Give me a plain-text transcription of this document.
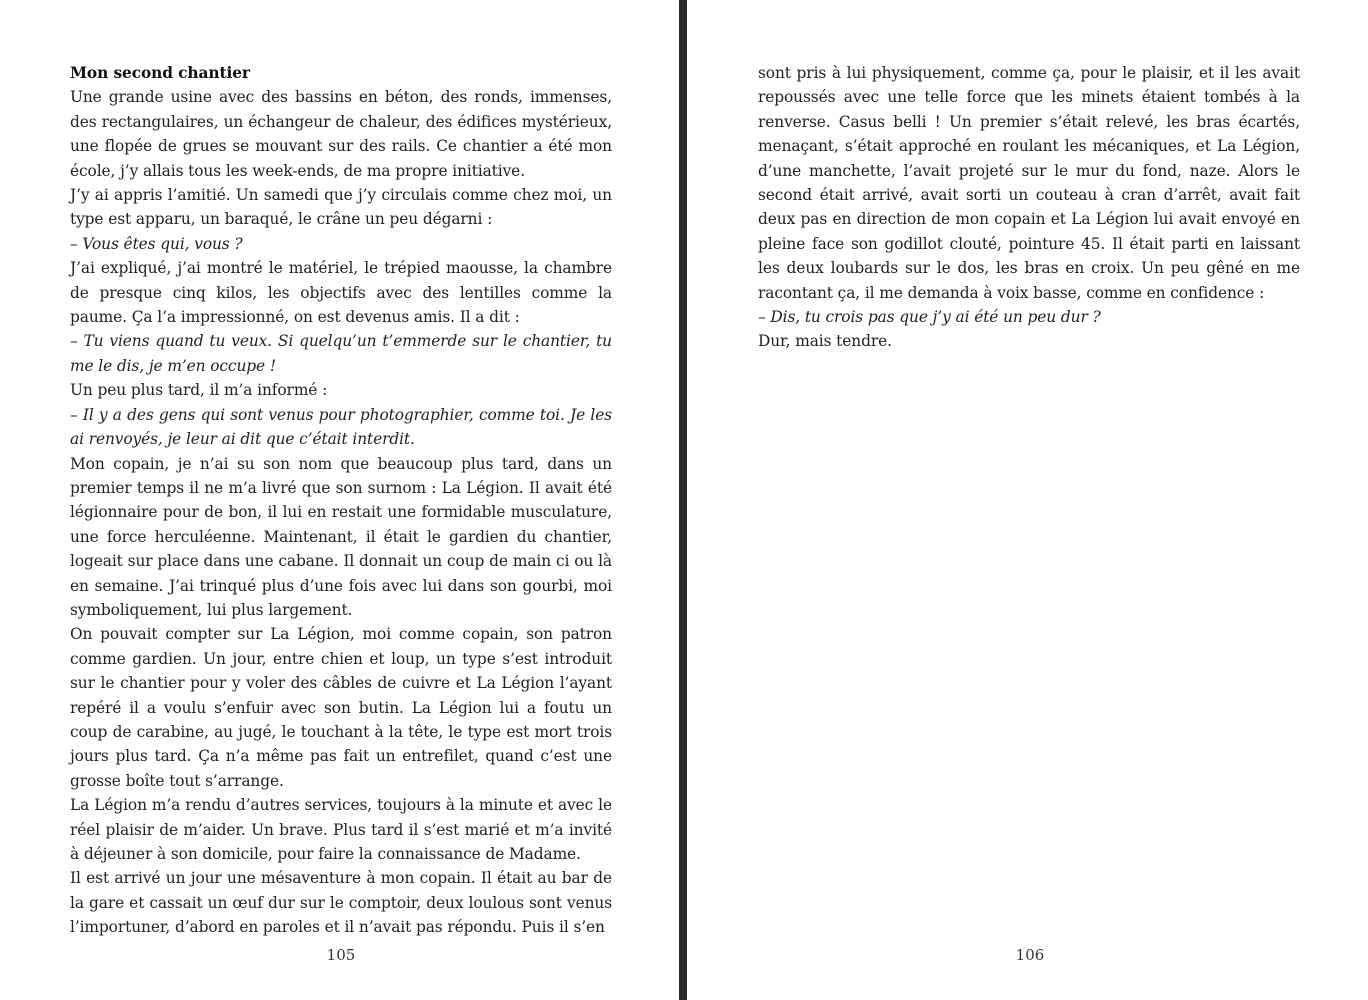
Mon second chantier

Une grande usine avec des bassins en béton, des ronds, immenses, des rectangulaires, un échangeur de chaleur, des édifices mystérieux, une flopée de grues se mouvant sur des rails. Ce chantier a été mon école, j’y allais tous les week-ends, de ma propre initiative.

J’y ai appris l’amitié. Un samedi que j’y circulais comme chez moi, un type est apparu, un baraqué, le crâne un peu dégarni :

– Vous êtes qui, vous ?

J’ai expliqué, j’ai montré le matériel, le trépied maousse, la chambre de presque cinq kilos, les objectifs avec des lentilles comme la paume. Ça l’a impressionné, on est devenus amis. Il a dit :

– Tu viens quand tu veux. Si quelqu’un t’emmerde sur le chantier, tu me le dis, je m’en occupe !

Un peu plus tard, il m’a informé :

– Il y a des gens qui sont venus pour photographier, comme toi. Je les ai renvoyés, je leur ai dit que c’était interdit.

Mon copain, je n’ai su son nom que beaucoup plus tard, dans un premier temps il ne m’a livré que son surnom : La Légion. Il avait été légionnaire pour de bon, il lui en restait une formidable musculature, une force herculéenne. Maintenant, il était le gardien du chantier, logeait sur place dans une cabane. Il donnait un coup de main ci ou là en semaine. J’ai trinqué plus d’une fois avec lui dans son gourbi, moi symboliquement, lui plus largement.

On pouvait compter sur La Légion, moi comme copain, son patron comme gardien. Un jour, entre chien et loup, un type s’est introduit sur le chantier pour y voler des câbles de cuivre et La Légion l’ayant repéré il a voulu s’enfuir avec son butin. La Légion lui a foutu un coup de carabine, au jugé, le touchant à la tête, le type est mort trois jours plus tard. Ça n’a même pas fait un entrefilet, quand c’est une grosse boîte tout s’arrange.

La Légion m’a rendu d’autres services, toujours à la minute et avec le réel plaisir de m’aider. Un brave. Plus tard il s’est marié et m’a invité à déjeuner à son domicile, pour faire la connaissance de Madame.

Il est arrivé un jour une mésaventure à mon copain. Il était au bar de la gare et cassait un œuf dur sur le comptoir, deux loulous sont venus l’importuner, d’abord en paroles et il n’avait pas répondu. Puis il s’en

105

sont pris à lui physiquement, comme ça, pour le plaisir, et il les avait repoussés avec une telle force que les minets étaient tombés à la renverse. Casus belli ! Un premier s’était relevé, les bras écartés, menaçant, s’était approché en roulant les mécaniques, et La Légion, d’une manchette, l’avait projeté sur le mur du fond, naze. Alors le second était arrivé, avait sorti un couteau à cran d’arrêt, avait fait deux pas en direction de mon copain et La Légion lui avait envoyé en pleine face son godillot clouté, pointure 45. Il était parti en laissant les deux loubards sur le dos, les bras en croix. Un peu gêné en me racontant ça, il me demanda à voix basse, comme en confidence :

– Dis, tu crois pas que j’y ai été un peu dur ?

Dur, mais tendre.

106
